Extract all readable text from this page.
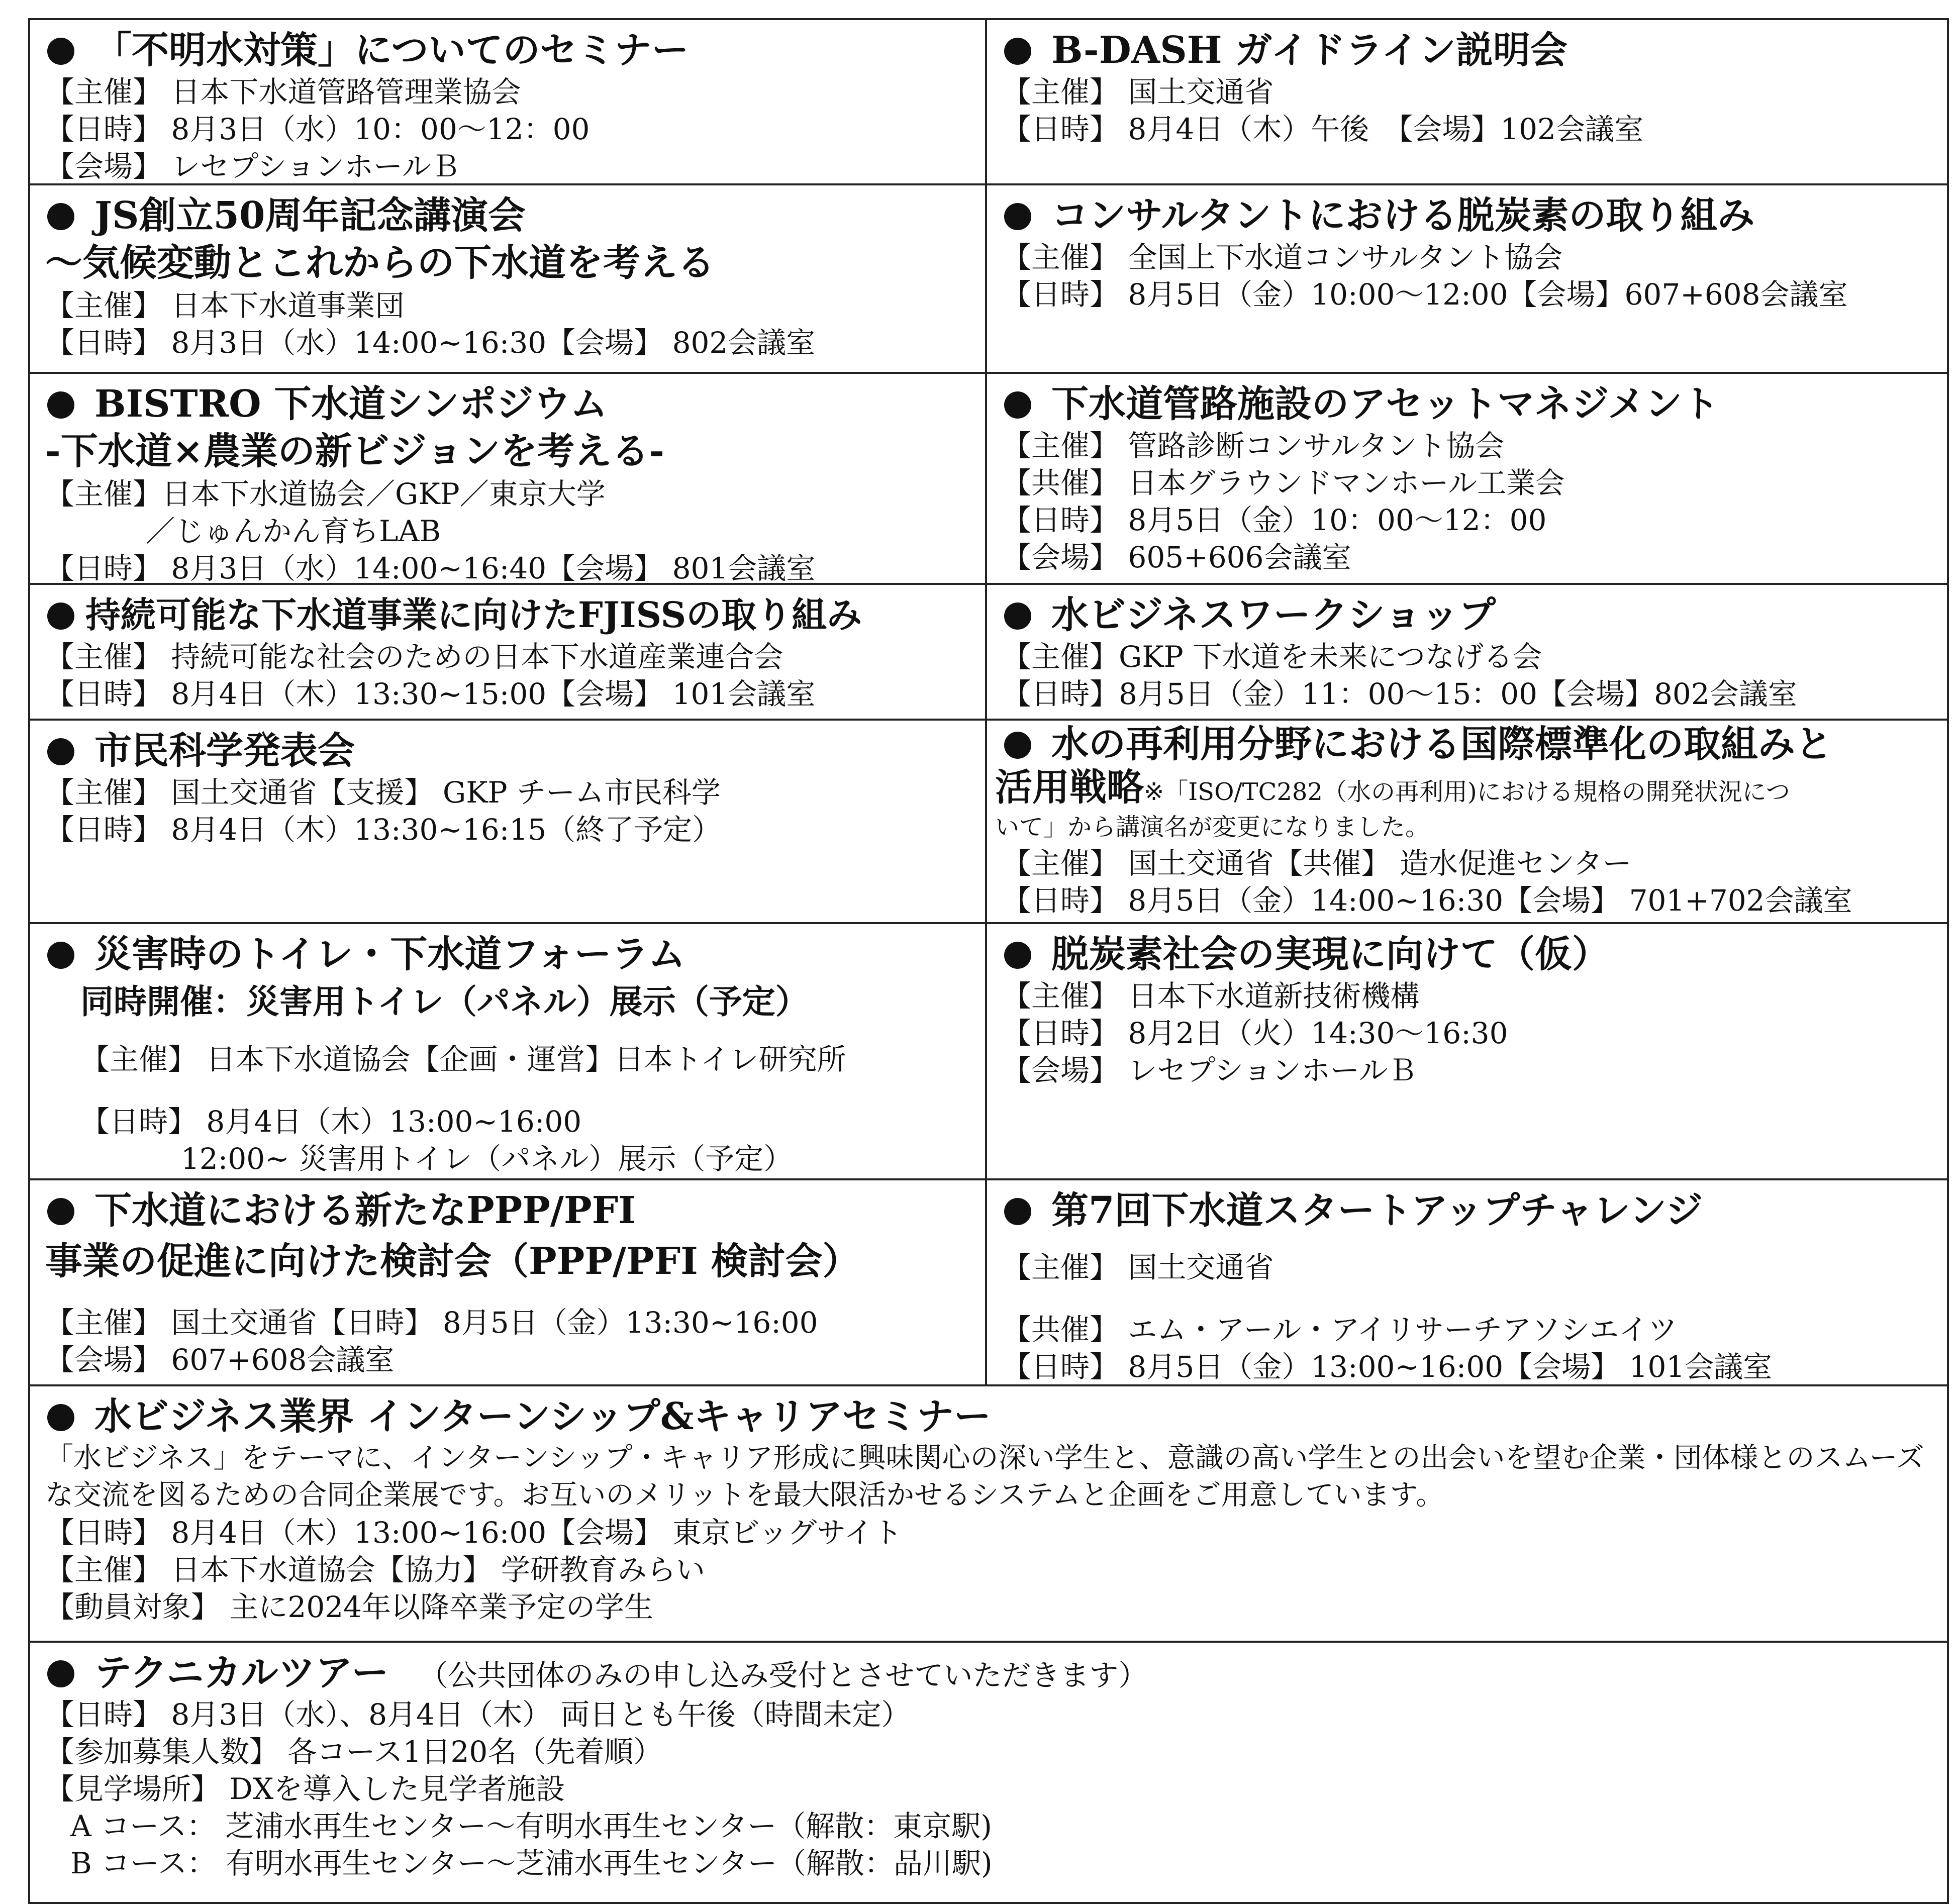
「不明水対策」についてのセミナー
【主催】 日本下水道管路管理業協会
【日時】 8月3日（水）10：00～12：00
【会場】 レセプションホールＢ
B-DASH ガイドライン説明会
【主催】 国土交通省
【日時】 8月4日（木）午後　【会場】102会議室
JS創立50周年記念講演会
～気候変動とこれからの下水道を考える
【主催】 日本下水道事業団
【日時】 8月3日（水）14:00~16:30【会場】 802会議室
コンサルタントにおける脱炭素の取り組み
【主催】 全国上下水道コンサルタント協会
【日時】 8月5日（金）10:00～12:00【会場】607+608会議室
BISTRO 下水道シンポジウム
-下水道×農業の新ビジョンを考える-
【主催】日本下水道協会／GKP／東京大学
／じゅんかん育ちLAB
【日時】 8月3日（水）14:00~16:40【会場】 801会議室
下水道管路施設のアセットマネジメント
【主催】 管路診断コンサルタント協会
【共催】 日本グラウンドマンホール工業会
【日時】 8月5日（金）10：00～12：00
【会場】 605+606会議室
持続可能な下水道事業に向けたFJISSの取り組み
【主催】 持続可能な社会のための日本下水道産業連合会
【日時】 8月4日（木）13:30~15:00【会場】 101会議室
水ビジネスワークショップ
【主催】GKP 下水道を未来につなげる会
【日時】8月5日（金）11：00～15：00【会場】802会議室
市民科学発表会
【主催】 国土交通省【支援】 GKP チーム市民科学
【日時】 8月4日（木）13:30~16:15（終了予定）
水の再利用分野における国際標準化の取組みと
活用戦略※「ISO/TC282（水の再利用)における規格の開発状況につ
いて」から講演名が変更になりました。
【主催】 国土交通省【共催】 造水促進センター
【日時】 8月5日（金）14:00~16:30【会場】 701+702会議室
災害時のトイレ・下水道フォーラム
同時開催：災害用トイレ（パネル）展示（予定）
【主催】 日本下水道協会【企画・運営】日本トイレ研究所
【日時】 8月4日（木）13:00~16:00
12:00~ 災害用トイレ（パネル）展示（予定）
脱炭素社会の実現に向けて（仮）
【主催】 日本下水道新技術機構
【日時】 8月2日（火）14:30～16:30
【会場】 レセプションホールＢ
下水道における新たなPPP/PFI
事業の促進に向けた検討会（PPP/PFI 検討会）
【主催】 国土交通省【日時】 8月5日（金）13:30~16:00
【会場】 607+608会議室
第7回下水道スタートアップチャレンジ
【主催】 国土交通省
【共催】 エム・アール・アイリサーチアソシエイツ
【日時】 8月5日（金）13:00~16:00【会場】 101会議室
水ビジネス業界 インターンシップ&キャリアセミナー
「水ビジネス」をテーマに、インターンシップ・キャリア形成に興味関心の深い学生と、意識の高い学生との出会いを望む企業・団体様とのスムーズな交流を図るための合同企業展です。お互いのメリットを最大限活かせるシステムと企画をご用意しています。
【日時】 8月4日（木）13:00~16:00【会場】 東京ビッグサイト
【主催】 日本下水道協会【協力】 学研教育みらい
【動員対象】 主に2024年以降卒業予定の学生
テクニカルツアー （公共団体のみの申し込み受付とさせていただきます）
【日時】 8月3日（水）、8月4日（木） 両日とも午後（時間未定）
【参加募集人数】 各コース1日20名（先着順）
【見学場所】 DXを導入した見学者施設
A コース： 芝浦水再生センター～有明水再生センター（解散：東京駅)
B コース： 有明水再生センター～芝浦水再生センター（解散：品川駅)
